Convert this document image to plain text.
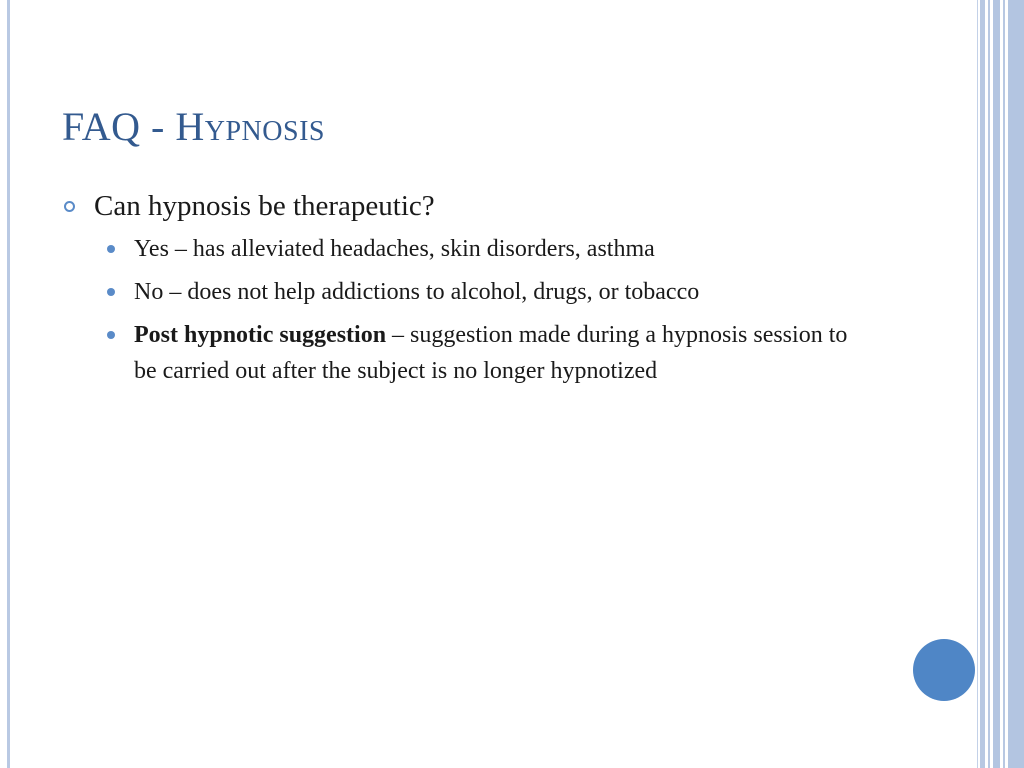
FAQ - Hypnosis
Can hypnosis be therapeutic?
Yes – has alleviated headaches, skin disorders, asthma
No – does not help addictions to alcohol, drugs, or tobacco
Post hypnotic suggestion – suggestion made during a hypnosis session to be carried out after the subject is no longer hypnotized
